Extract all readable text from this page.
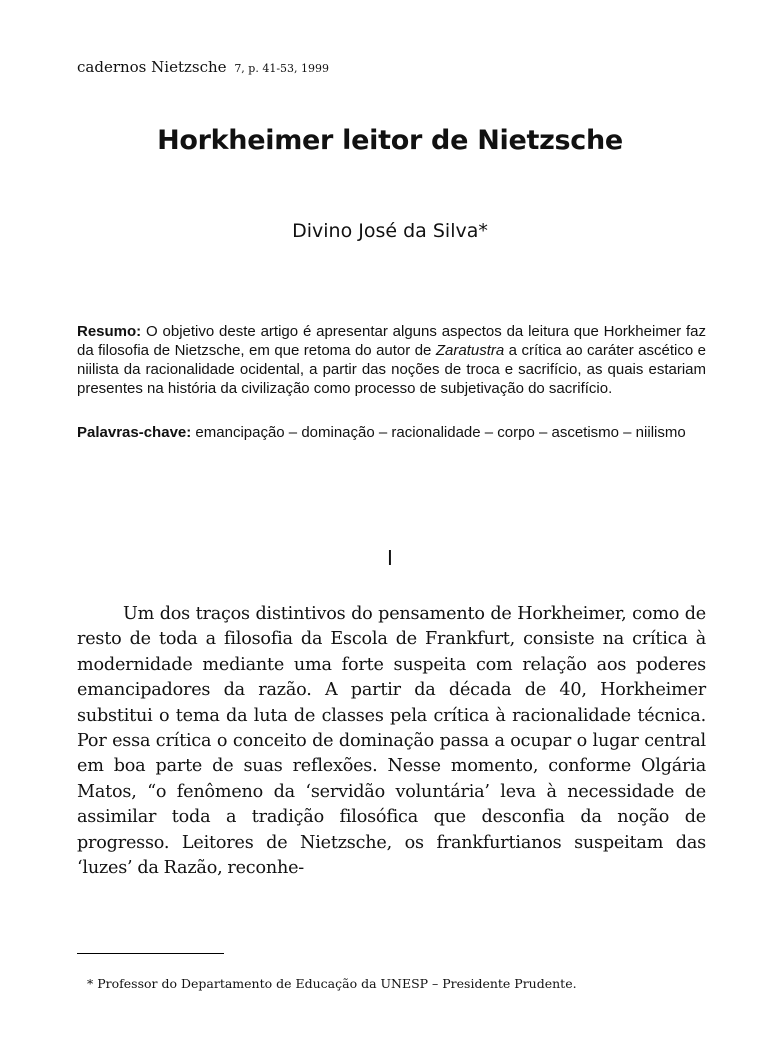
cadernos Nietzsche 7, p. 41-53, 1999
Horkheimer leitor de Nietzsche
Divino José da Silva*

Resumo: O objetivo deste artigo é apresentar alguns aspectos da leitura que Horkheimer faz da filosofia de Nietzsche, em que retoma do autor de Zaratustra a crítica ao caráter ascético e niilista da racionalidade ocidental, a partir das noções de troca e sacrifício, as quais estariam presentes na história da civilização como processo de subjetivação do sacrifício.

Palavras-chave: emancipação – dominação – racionalidade – corpo – ascetismo – niilismo

I

Um dos traços distintivos do pensamento de Horkheimer, como de resto de toda a filosofia da Escola de Frankfurt, consiste na crítica à modernidade mediante uma forte suspeita com relação aos poderes emancipadores da razão. A partir da década de 40, Horkheimer substitui o tema da luta de classes pela crítica à racionalidade técnica. Por essa crítica o conceito de dominação passa a ocupar o lugar central em boa parte de suas reflexões. Nesse momento, conforme Olgária Matos, “o fenômeno da ‘servidão voluntária’ leva à necessidade de assimilar toda a tradição filosófica que desconfia da noção de progresso. Leitores de Nietzsche, os frankfurtianos suspeitam das ‘luzes’ da Razão, reconhe-

* Professor do Departamento de Educação da UNESP – Presidente Prudente.
